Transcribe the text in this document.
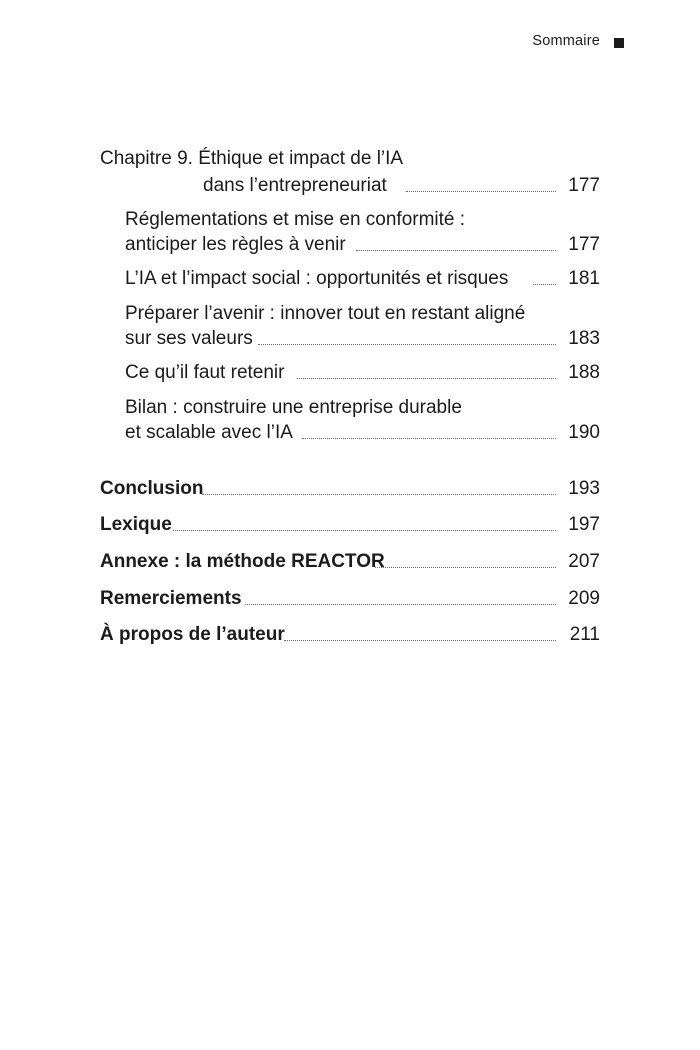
Sommaire
Chapitre 9. Éthique et impact de l’IA
dans l’entrepreneuriat	177
Réglementations et mise en conformité :
anticiper les règles à venir	177
L’IA et l’impact social : opportunités et risques	181
Préparer l’avenir : innover tout en restant aligné
sur ses valeurs	183
Ce qu’il faut retenir	188
Bilan : construire une entreprise durable
et scalable avec l’IA	190
Conclusion	193
Lexique	197
Annexe : la méthode REACTOR	207
Remerciements	209
À propos de l’auteur	211
